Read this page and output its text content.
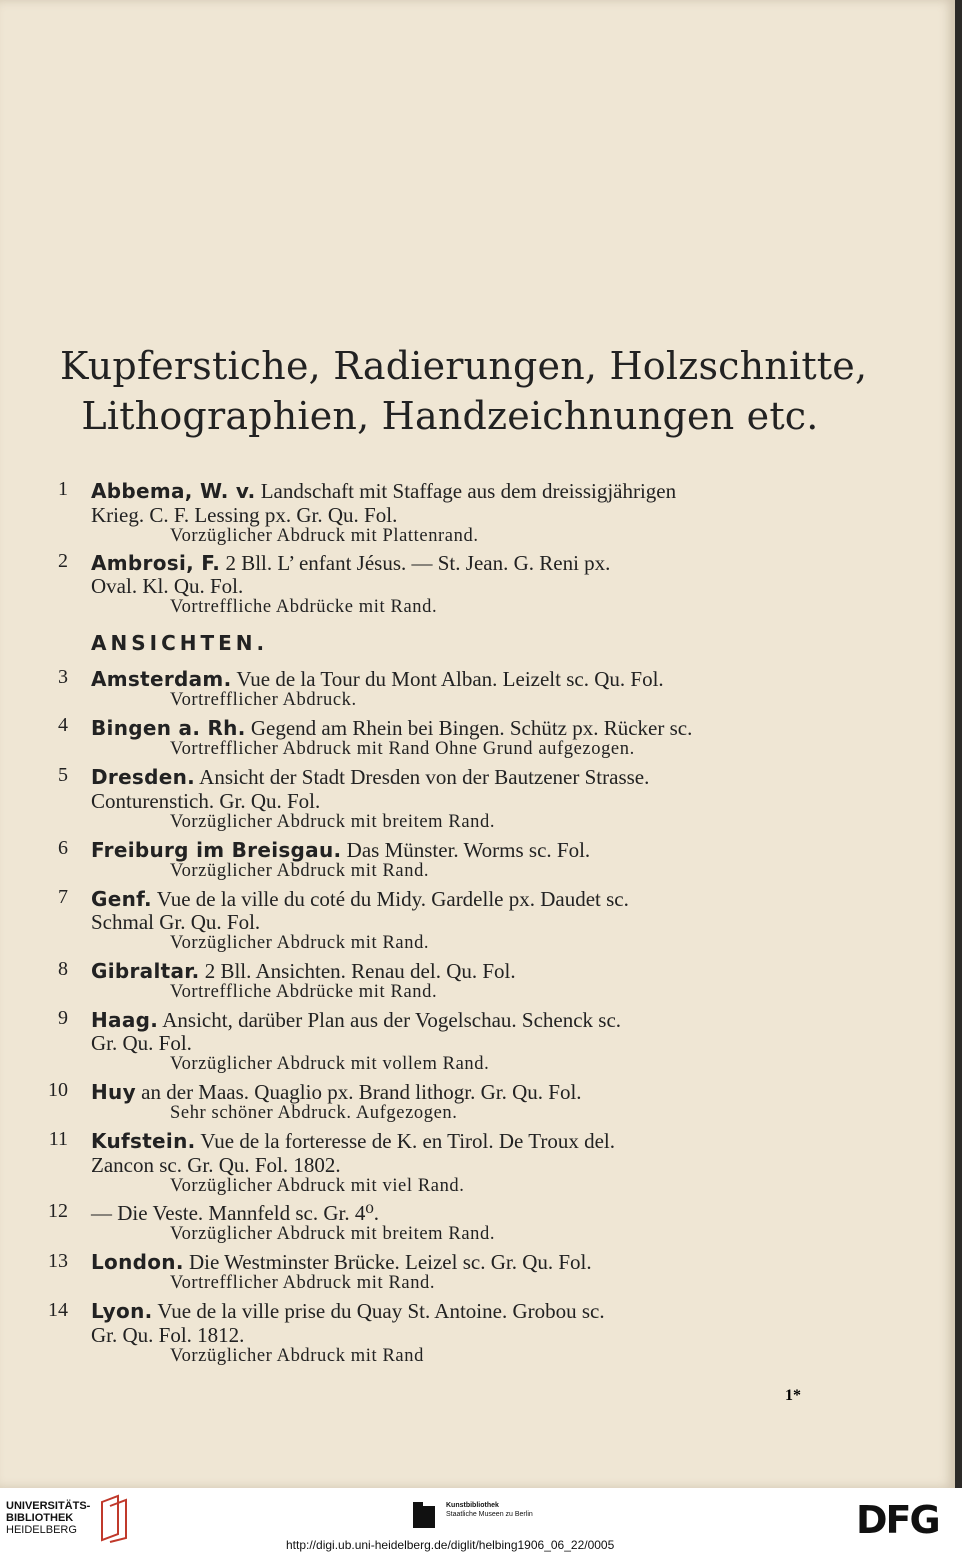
Kupferstiche, Radierungen, Holzschnitte,
Lithographien, Handzeichnungen etc.
1 Abbema, W. v. Landschaft mit Staffage aus dem dreissigjährigen
Krieg. C. F. Lessing px. Gr. Qu. Fol.
Vorzüglicher Abdruck mit Plattenrand.
2 Ambrosi, F. 2 Bll. L’ enfant Jésus. — St. Jean. G. Reni px.
Oval. Kl. Qu. Fol.
Vortreffliche Abdrücke mit Rand.
ANSICHTEN.
3 Amsterdam. Vue de la Tour du Mont Alban. Leizelt sc. Qu. Fol.
Vortrefflicher Abdruck.
4 Bingen a. Rh. Gegend am Rhein bei Bingen. Schütz px. Rücker sc.
Vortrefflicher Abdruck mit Rand Ohne Grund aufgezogen.
5 Dresden. Ansicht der Stadt Dresden von der Bautzener Strasse.
Conturenstich. Gr. Qu. Fol.
Vorzüglicher Abdruck mit breitem Rand.
6 Freiburg im Breisgau. Das Münster. Worms sc. Fol.
Vorzüglicher Abdruck mit Rand.
7 Genf. Vue de la ville du coté du Midy. Gardelle px. Daudet sc.
Schmal Gr. Qu. Fol.
Vorzüglicher Abdruck mit Rand.
8 Gibraltar. 2 Bll. Ansichten. Renau del. Qu. Fol.
Vortreffliche Abdrücke mit Rand.
9 Haag. Ansicht, darüber Plan aus der Vogelschau. Schenck sc.
Gr. Qu. Fol.
Vorzüglicher Abdruck mit vollem Rand.
10 Huy an der Maas. Quaglio px. Brand lithogr. Gr. Qu. Fol.
Sehr schöner Abdruck. Aufgezogen.
11 Kufstein. Vue de la forteresse de K. en Tirol. De Troux del.
Zancon sc. Gr. Qu. Fol. 1802.
Vorzüglicher Abdruck mit viel Rand.
12 — Die Veste. Mannfeld sc. Gr. 4⁰.
Vorzüglicher Abdruck mit breitem Rand.
13 London. Die Westminster Brücke. Leizel sc. Gr. Qu. Fol.
Vortrefflicher Abdruck mit Rand.
14 Lyon. Vue de la ville prise du Quay St. Antoine. Grobou sc.
Gr. Qu. Fol. 1812.
Vorzüglicher Abdruck mit Rand
1*
UNIVERSITÄTS-
BIBLIOTHEK
HEIDELBERG
Kunstbibliothek
Staatliche Museen zu Berlin	DFG
http://digi.ub.uni-heidelberg.de/diglit/helbing1906_06_22/0005
